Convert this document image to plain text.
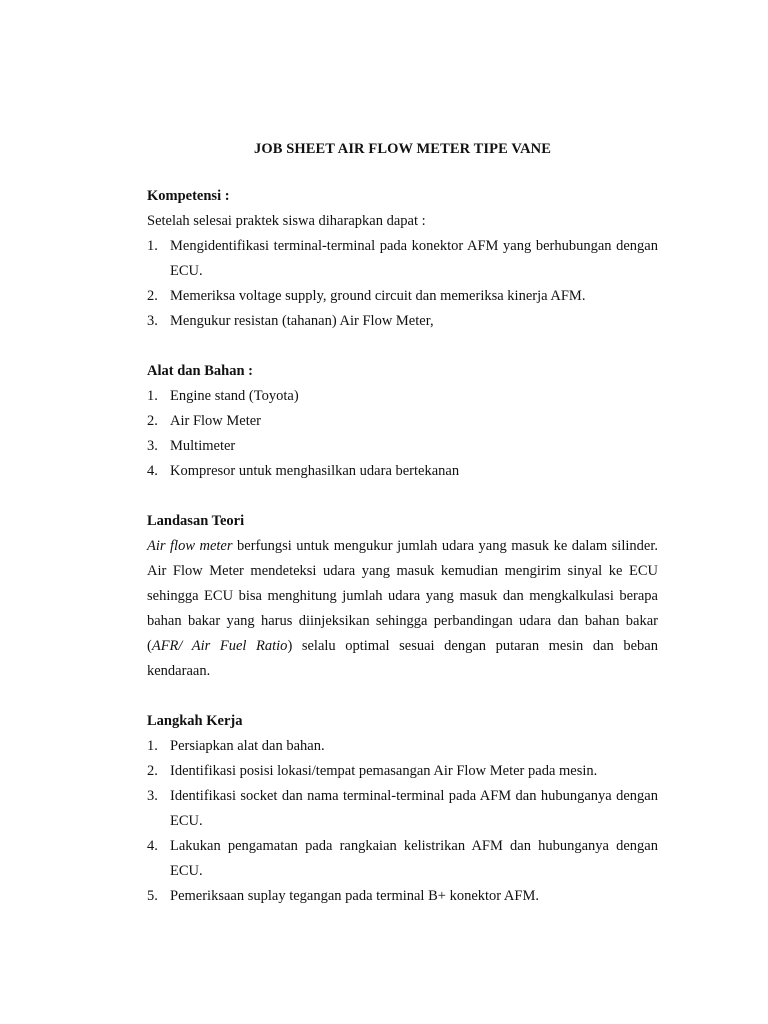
JOB SHEET AIR FLOW METER TIPE VANE

Kompetensi :

Setelah selesai praktek siswa diharapkan dapat :

1. Mengidentifikasi terminal-terminal pada konektor AFM yang berhubungan dengan ECU.
2. Memeriksa voltage supply, ground circuit dan memeriksa kinerja AFM.
3. Mengukur resistan (tahanan) Air Flow Meter,

Alat dan Bahan :

1. Engine stand (Toyota)
2. Air Flow Meter
3. Multimeter
4. Kompresor untuk menghasilkan udara bertekanan

Landasan Teori

Air flow meter berfungsi untuk mengukur jumlah udara yang masuk ke dalam silinder. Air Flow Meter mendeteksi udara yang masuk kemudian mengirim sinyal ke ECU sehingga ECU bisa menghitung jumlah udara yang masuk dan mengkalkulasi berapa bahan bakar yang harus diinjeksikan sehingga perbandingan udara dan bahan bakar (AFR/ Air Fuel Ratio) selalu optimal sesuai dengan putaran mesin dan beban kendaraan.

Langkah Kerja

1. Persiapkan alat dan bahan.
2. Identifikasi posisi lokasi/tempat pemasangan Air Flow Meter pada mesin.
3. Identifikasi socket dan nama terminal-terminal pada AFM dan hubunganya dengan ECU.
4. Lakukan pengamatan pada rangkaian kelistrikan AFM dan hubunganya dengan ECU.
5. Pemeriksaan suplay tegangan pada terminal B+ konektor AFM.
